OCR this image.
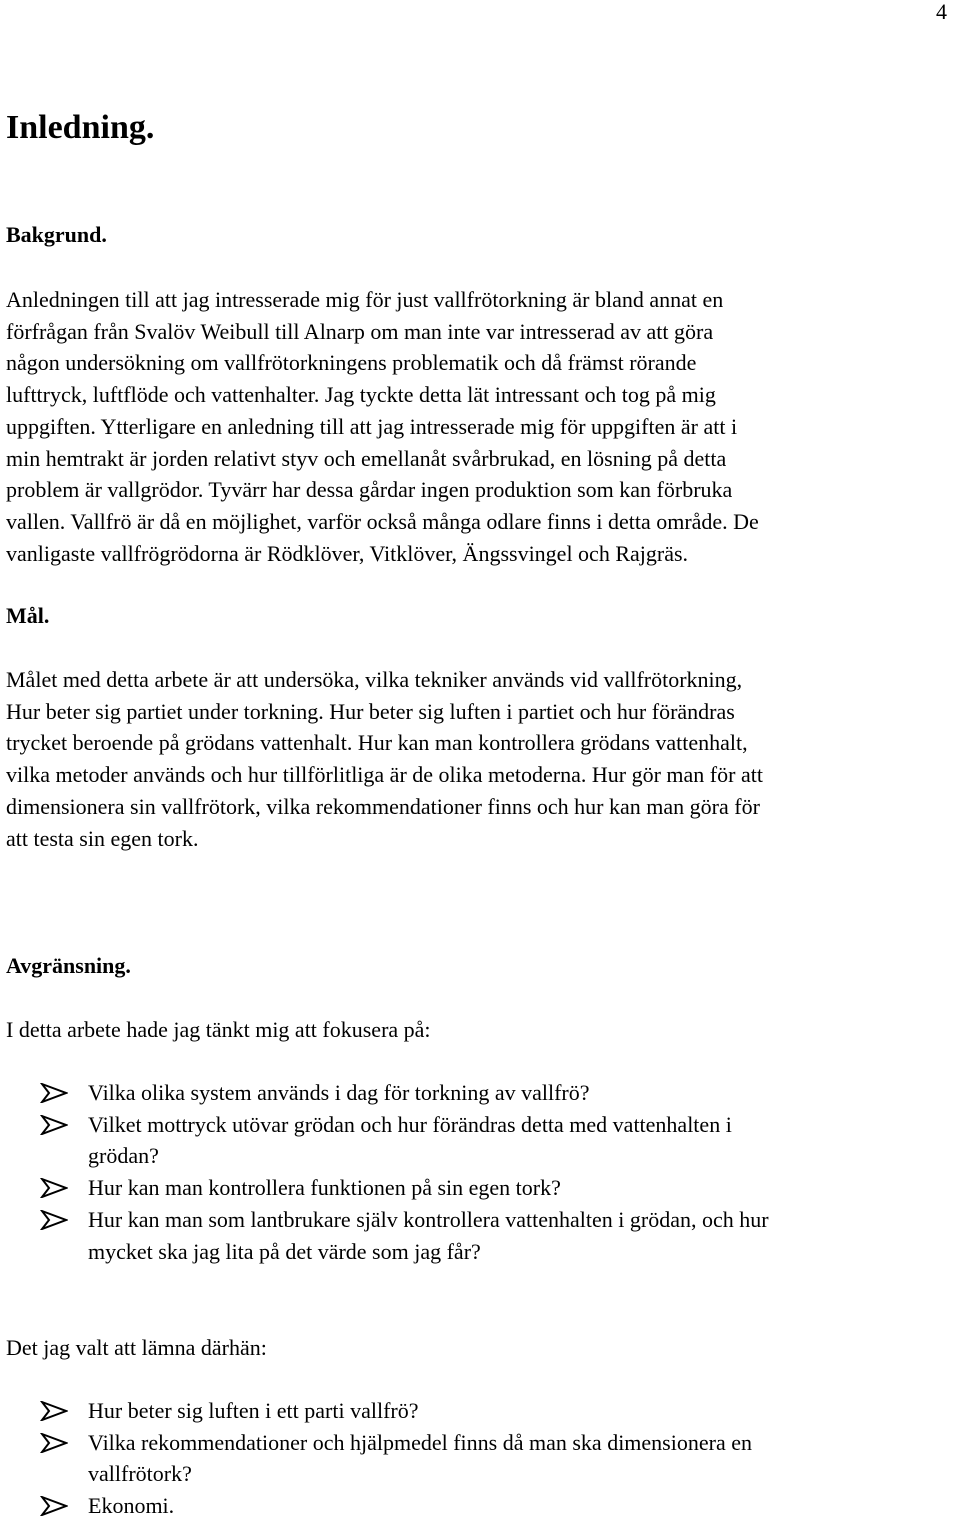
4
Inledning.
Bakgrund.
Anledningen till att jag intresserade mig för just vallfrötorkning är bland annat en
förfrågan från Svalöv Weibull till Alnarp om man inte var intresserad av att göra
någon undersökning om vallfrötorkningens problematik och då främst rörande
lufttryck, luftflöde och vattenhalter. Jag tyckte detta lät intressant och tog på mig
uppgiften. Ytterligare en anledning till att jag intresserade mig för uppgiften är att i
min hemtrakt är jorden relativt styv och emellanåt svårbrukad, en lösning på detta
problem är vallgrödor. Tyvärr har dessa gårdar ingen produktion som kan förbruka
vallen. Vallfrö är då en möjlighet, varför också många odlare finns i detta område. De
vanligaste vallfrögrödorna är Rödklöver, Vitklöver, Ängssvingel och Rajgräs.
Mål.
Målet med detta arbete är att undersöka, vilka tekniker används vid vallfrötorkning,
Hur beter sig partiet under torkning. Hur beter sig luften i partiet och hur förändras
trycket beroende på grödans vattenhalt. Hur kan man kontrollera grödans vattenhalt,
vilka metoder används och hur tillförlitliga är de olika metoderna. Hur gör man för att
dimensionera sin vallfrötork, vilka rekommendationer finns och hur kan man göra för
att testa sin egen tork.
Avgränsning.
I detta arbete hade jag tänkt mig att fokusera på:
Vilka olika system används i dag för torkning av vallfrö?
Vilket mottryck utövar grödan och hur förändras detta med vattenhalten i
grödan?
Hur kan man kontrollera funktionen på sin egen tork?
Hur kan man som lantbrukare själv kontrollera vattenhalten i grödan, och hur
mycket ska jag lita på det värde som jag får?
Det jag valt att lämna därhän:
Hur beter sig luften i ett parti vallfrö?
Vilka rekommendationer och hjälpmedel finns då man ska dimensionera en
vallfrötork?
Ekonomi.
